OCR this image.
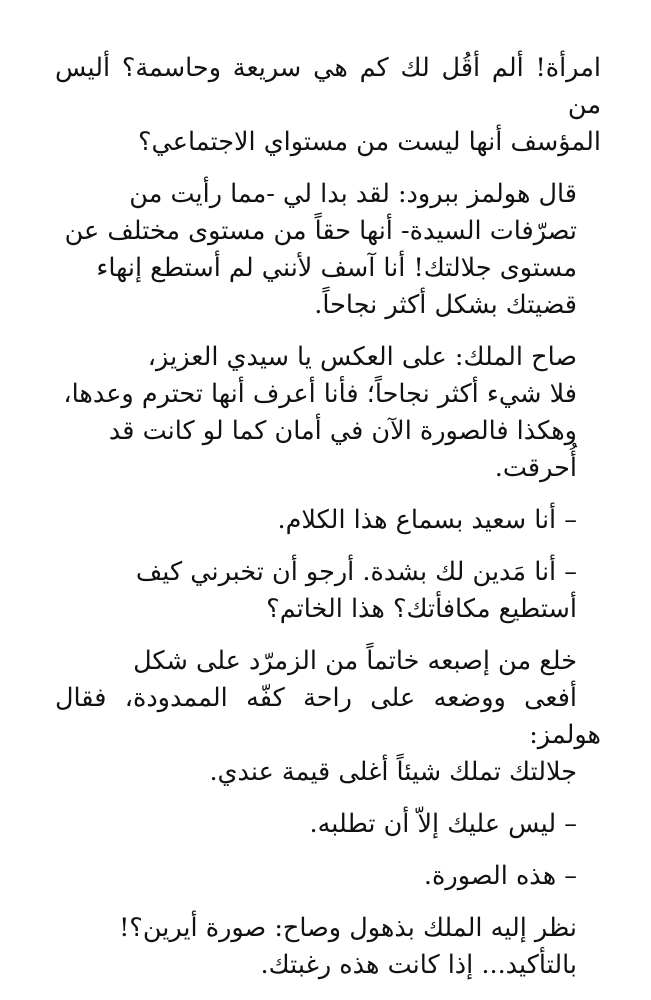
امرأة! ألم أقُل لك كم هي سريعة وحاسمة؟ أليس من
المؤسف أنها ليست من مستواي الاجتماعي؟

قال هولمز ببرود: لقد بدا لي -مما رأيت من
تصرّفات السيدة- أنها حقاً من مستوى مختلف عن
مستوى جلالتك! أنا آسف لأنني لم أستطع إنهاء
قضيتك بشكل أكثر نجاحاً.

صاح الملك: على العكس يا سيدي العزيز،
فلا شيء أكثر نجاحاً؛ فأنا أعرف أنها تحترم وعدها،
وهكذا فالصورة الآن في أمان كما لو كانت قد
أُحرقت.

– أنا سعيد بسماع هذا الكلام.

– أنا مَدين لك بشدة. أرجو أن تخبرني كيف
أستطيع مكافأتك؟ هذا الخاتم؟

خلع من إصبعه خاتماً من الزمرّد على شكل
أفعى ووضعه على راحة كفّه الممدودة، فقال هولمز:
جلالتك تملك شيئاً أغلى قيمة عندي.

– ليس عليك إلاّ أن تطلبه.

– هذه الصورة.

نظر إليه الملك بذهول وصاح: صورة أيرين؟!
بالتأكيد... إذا كانت هذه رغبتك.
